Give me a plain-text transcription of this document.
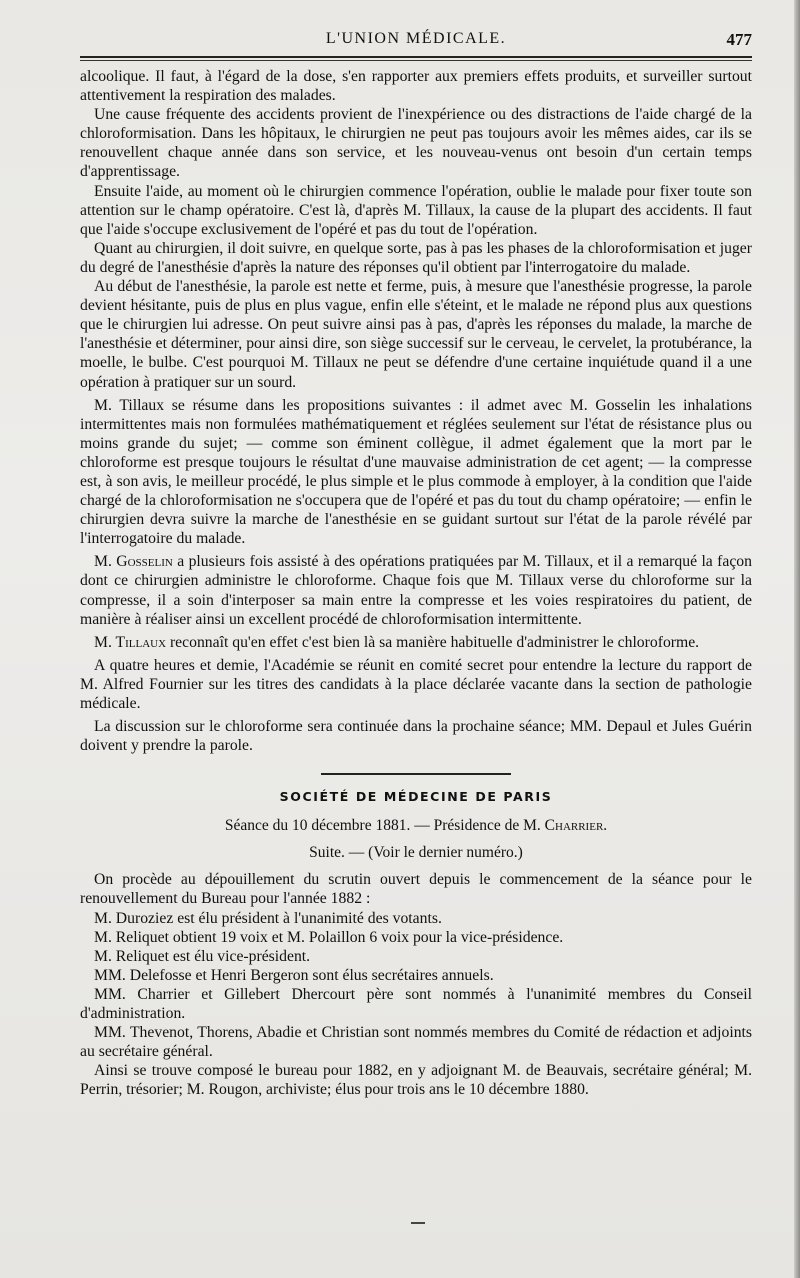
L'UNION MÉDICALE.	477

alcoolique. Il faut, à l'égard de la dose, s'en rapporter aux premiers effets produits, et surveiller surtout attentivement la respiration des malades.

Une cause fréquente des accidents provient de l'inexpérience ou des distractions de l'aide chargé de la chloroformisation. Dans les hôpitaux, le chirurgien ne peut pas toujours avoir les mêmes aides, car ils se renouvellent chaque année dans son service, et les nouveau-venus ont besoin d'un certain temps d'apprentissage.

Ensuite l'aide, au moment où le chirurgien commence l'opération, oublie le malade pour fixer toute son attention sur le champ opératoire. C'est là, d'après M. Tillaux, la cause de la plupart des accidents. Il faut que l'aide s'occupe exclusivement de l'opéré et pas du tout de l'opération.

Quant au chirurgien, il doit suivre, en quelque sorte, pas à pas les phases de la chloroformisation et juger du degré de l'anesthésie d'après la nature des réponses qu'il obtient par l'interrogatoire du malade.

Au début de l'anesthésie, la parole est nette et ferme, puis, à mesure que l'anesthésie progresse, la parole devient hésitante, puis de plus en plus vague, enfin elle s'éteint, et le malade ne répond plus aux questions que le chirurgien lui adresse. On peut suivre ainsi pas à pas, d'après les réponses du malade, la marche de l'anesthésie et déterminer, pour ainsi dire, son siège successif sur le cerveau, le cervelet, la protubérance, la moelle, le bulbe. C'est pourquoi M. Tillaux ne peut se défendre d'une certaine inquiétude quand il a une opération à pratiquer sur un sourd.

M. Tillaux se résume dans les propositions suivantes : il admet avec M. Gosselin les inhalations intermittentes mais non formulées mathématiquement et réglées seulement sur l'état de résistance plus ou moins grande du sujet; — comme son éminent collègue, il admet également que la mort par le chloroforme est presque toujours le résultat d'une mauvaise administration de cet agent; — la compresse est, à son avis, le meilleur procédé, le plus simple et le plus commode à employer, à la condition que l'aide chargé de la chloroformisation ne s'occupera que de l'opéré et pas du tout du champ opératoire; — enfin le chirurgien devra suivre la marche de l'anesthésie en se guidant surtout sur l'état de la parole révélé par l'interrogatoire du malade.

M. Gosselin a plusieurs fois assisté à des opérations pratiquées par M. Tillaux, et il a remarqué la façon dont ce chirurgien administre le chloroforme. Chaque fois que M. Tillaux verse du chloroforme sur la compresse, il a soin d'interposer sa main entre la compresse et les voies respiratoires du patient, de manière à réaliser ainsi un excellent procédé de chloroformisation intermittente.

M. Tillaux reconnaît qu'en effet c'est bien là sa manière habituelle d'administrer le chloroforme.

A quatre heures et demie, l'Académie se réunit en comité secret pour entendre la lecture du rapport de M. Alfred Fournier sur les titres des candidats à la place déclarée vacante dans la section de pathologie médicale.

La discussion sur le chloroforme sera continuée dans la prochaine séance; MM. Depaul et Jules Guérin doivent y prendre la parole.

SOCIÉTÉ DE MÉDECINE DE PARIS
Séance du 10 décembre 1881. — Présidence de M. Charrier.
Suite. — (Voir le dernier numéro.)

On procède au dépouillement du scrutin ouvert depuis le commencement de la séance pour le renouvellement du Bureau pour l'année 1882 :

M. Duroziez est élu président à l'unanimité des votants.

M. Reliquet obtient 19 voix et M. Polaillon 6 voix pour la vice-présidence.

M. Reliquet est élu vice-président.

MM. Delefosse et Henri Bergeron sont élus secrétaires annuels.

MM. Charrier et Gillebert Dhercourt père sont nommés à l'unanimité membres du Conseil d'administration.

MM. Thevenot, Thorens, Abadie et Christian sont nommés membres du Comité de rédaction et adjoints au secrétaire général.

Ainsi se trouve composé le bureau pour 1882, en y adjoignant M. de Beauvais, secrétaire général; M. Perrin, trésorier; M. Rougon, archiviste; élus pour trois ans le 10 décembre 1880.
